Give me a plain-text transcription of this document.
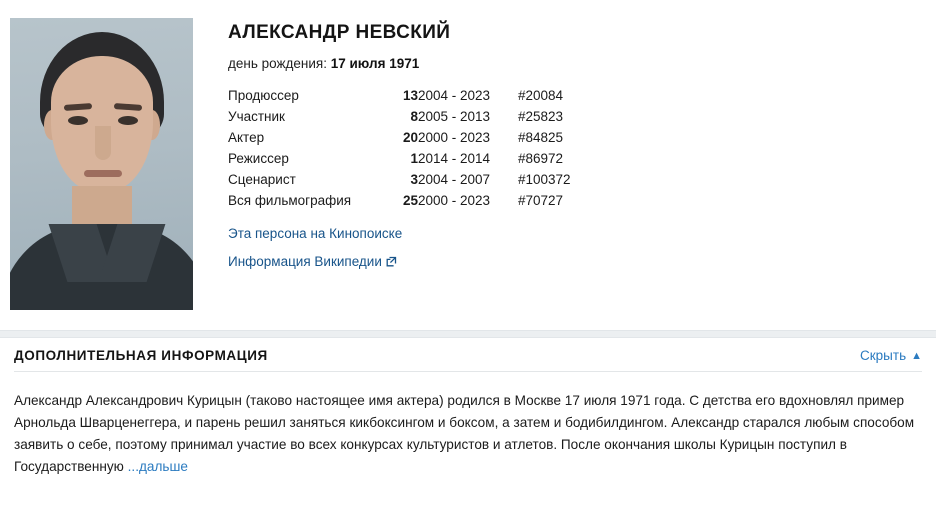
АЛЕКСАНДР НЕВСКИЙ
день рождения: 17 июля 1971
Продюссер	13	2004 - 2023	#20084
Участник	8	2005 - 2013	#25823
Актер	20	2000 - 2023	#84825
Режиссер	1	2014 - 2014	#86972
Сценарист	3	2004 - 2007	#100372
Вся фильмография	25	2000 - 2023	#70727
Эта персона на Кинопоиске
Информация Википедии
ДОПОЛНИТЕЛЬНАЯ ИНФОРМАЦИЯ	Скрыть ▲
Александр Александрович Курицын (таково настоящее имя актера) родился в Москве 17 июля 1971 года. С детства его вдохновлял пример Арнольда Шварценеггера, и парень решил заняться кикбоксингом и боксом, а затем и бодибилдингом. Александр старался любым способом заявить о себе, поэтому принимал участие во всех конкурсах культуристов и атлетов. После окончания школы Курицын поступил в Государственную ...дальше
